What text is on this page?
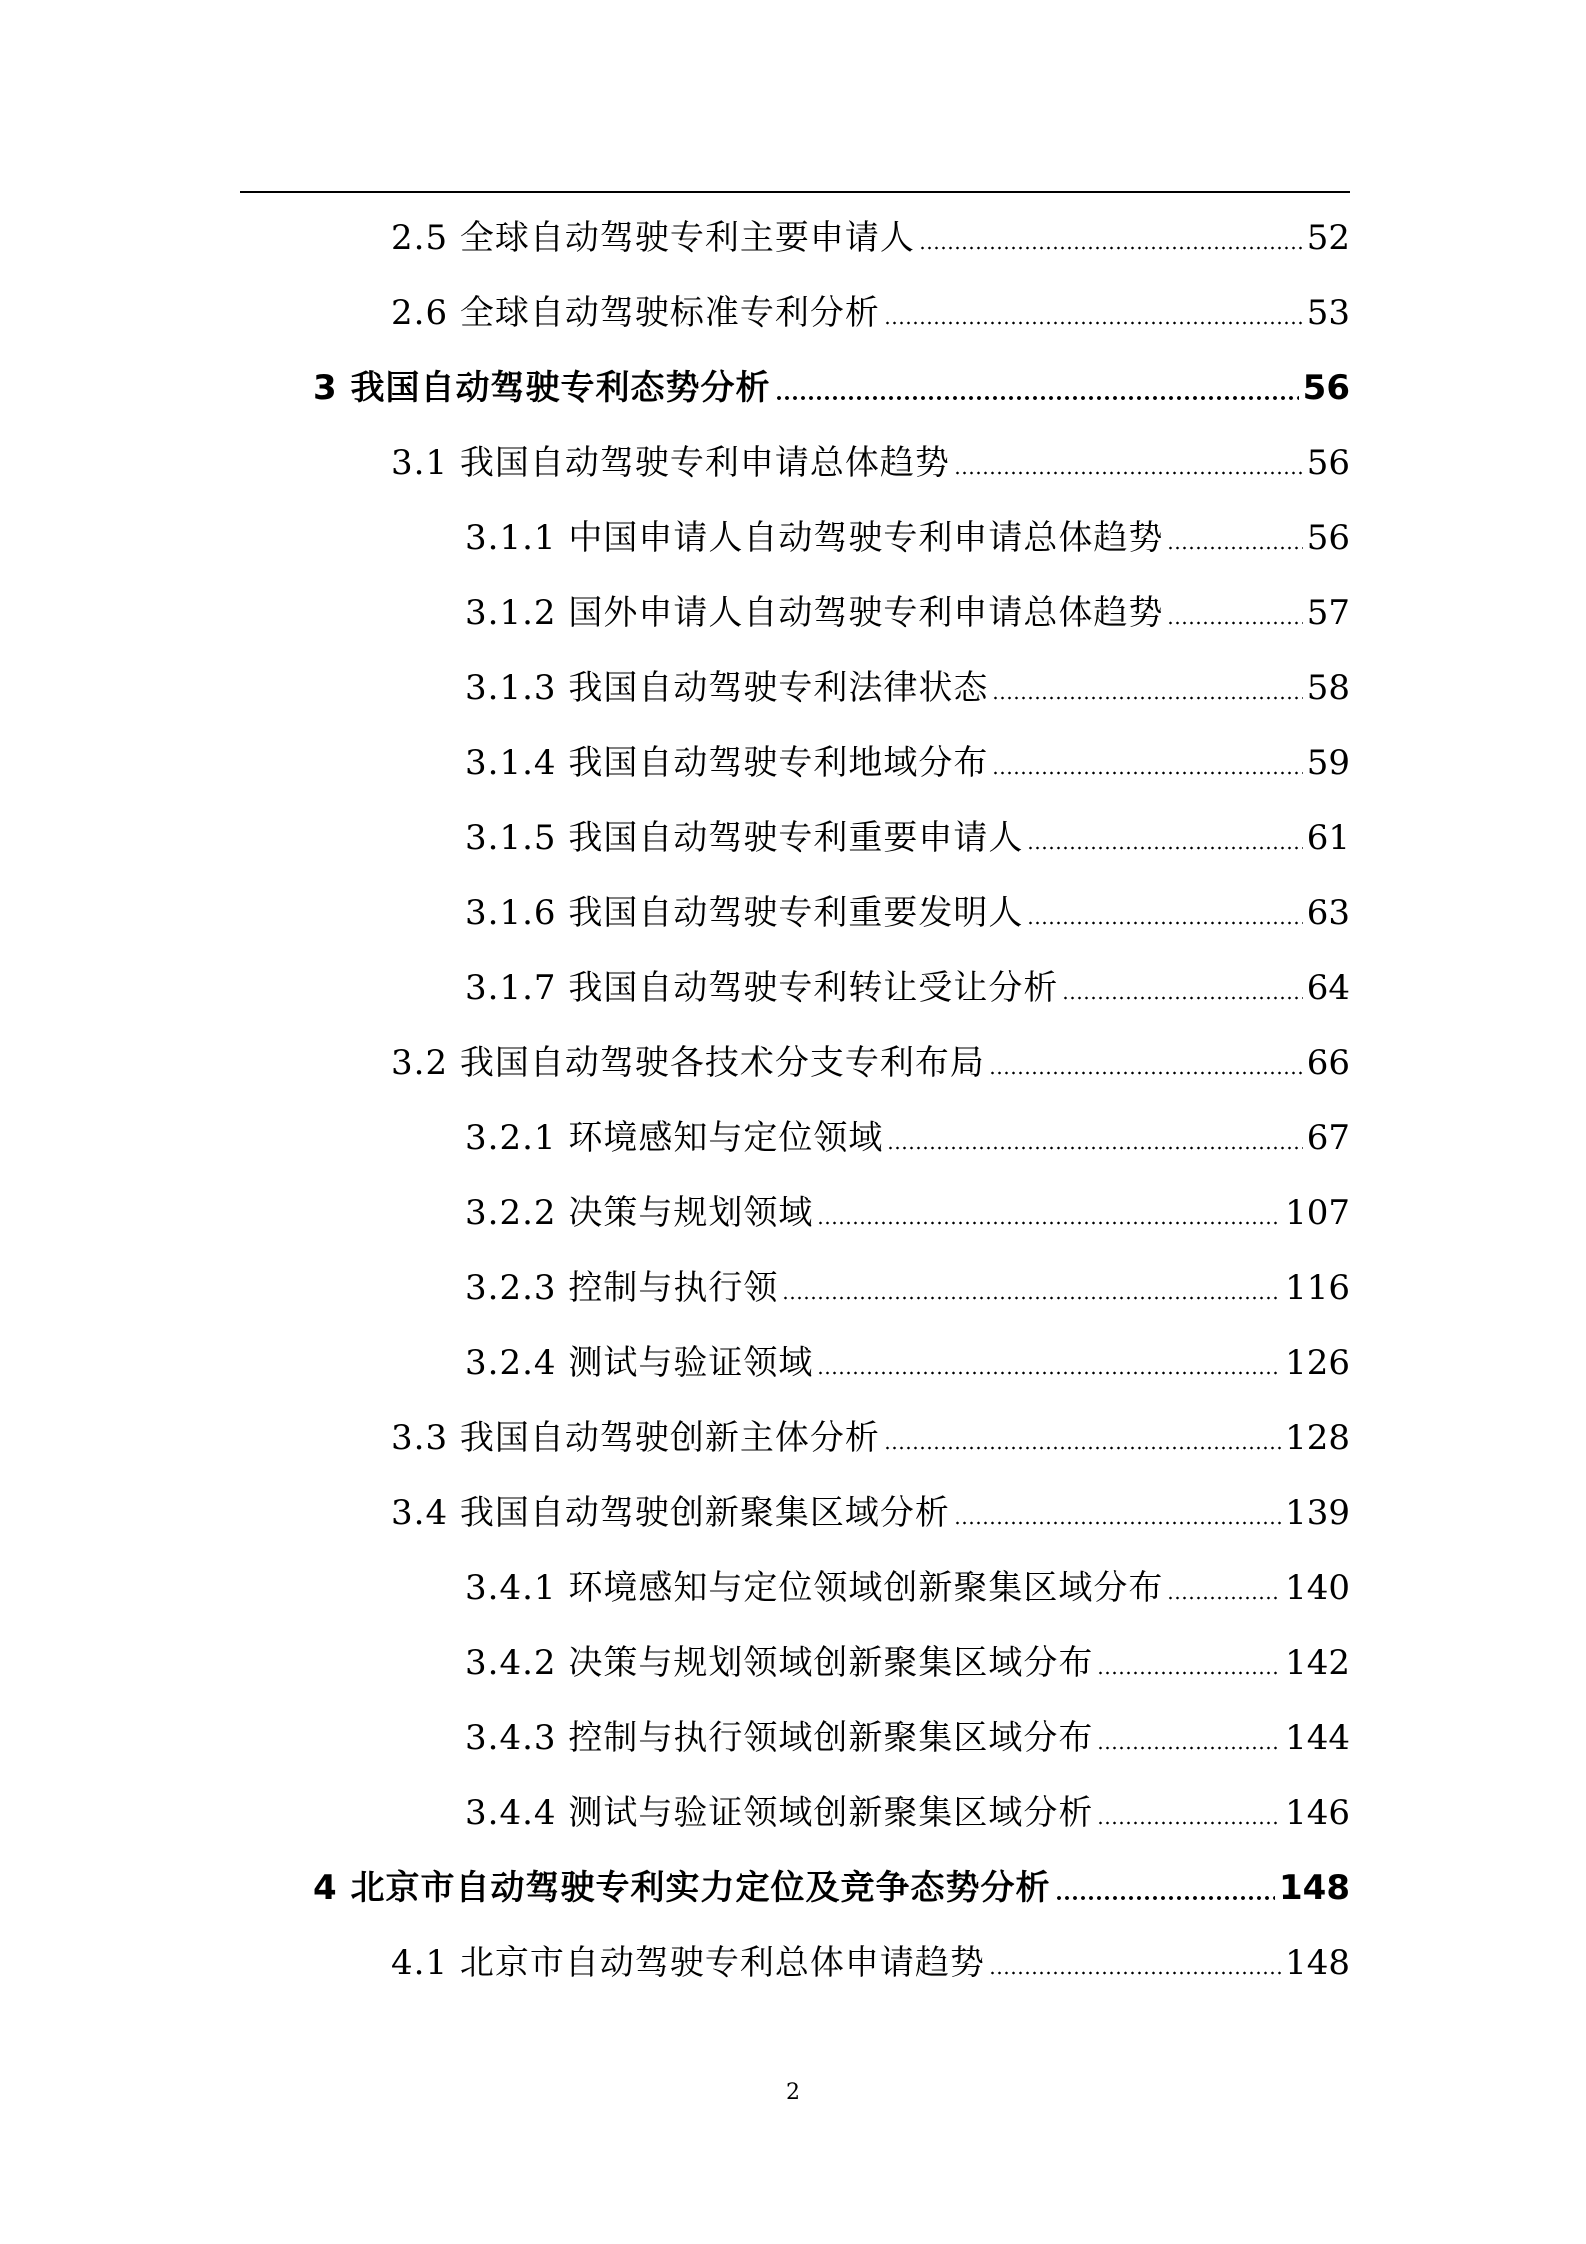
2.5 全球自动驾驶专利主要申请人	52
2.6 全球自动驾驶标准专利分析	53
3 我国自动驾驶专利态势分析	56
3.1 我国自动驾驶专利申请总体趋势	56
3.1.1 中国申请人自动驾驶专利申请总体趋势	56
3.1.2 国外申请人自动驾驶专利申请总体趋势	57
3.1.3 我国自动驾驶专利法律状态	58
3.1.4 我国自动驾驶专利地域分布	59
3.1.5 我国自动驾驶专利重要申请人	61
3.1.6 我国自动驾驶专利重要发明人	63
3.1.7 我国自动驾驶专利转让受让分析	64
3.2 我国自动驾驶各技术分支专利布局	66
3.2.1 环境感知与定位领域	67
3.2.2 决策与规划领域	107
3.2.3 控制与执行领	116
3.2.4 测试与验证领域	126
3.3 我国自动驾驶创新主体分析	128
3.4 我国自动驾驶创新聚集区域分析	139
3.4.1 环境感知与定位领域创新聚集区域分布	140
3.4.2 决策与规划领域创新聚集区域分布	142
3.4.3 控制与执行领域创新聚集区域分布	144
3.4.4 测试与验证领域创新聚集区域分析	146
4 北京市自动驾驶专利实力定位及竞争态势分析	148
4.1 北京市自动驾驶专利总体申请趋势	148
2
